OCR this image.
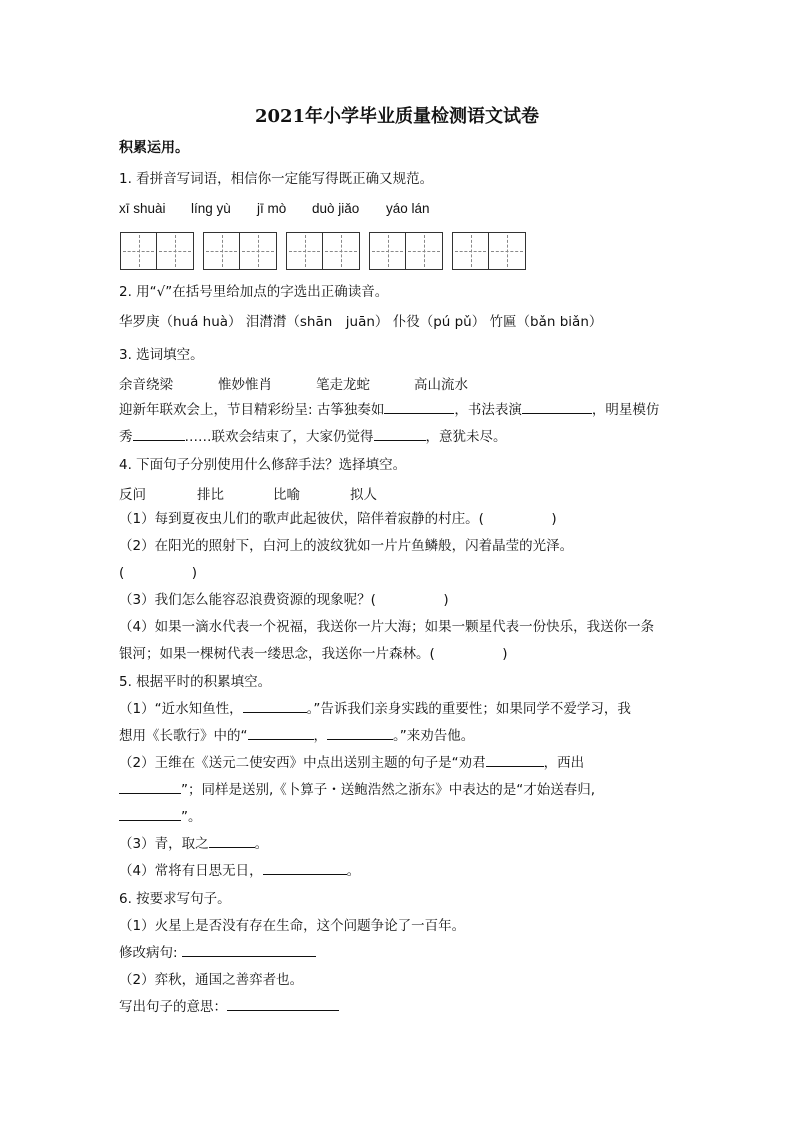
2021年小学毕业质量检测语文试卷
积累运用。
1. 看拼音写词语，相信你一定能写得既正确又规范。
xī shuài líng yù jī mò duò jiǎo yáo lán
2. 用“√”在括号里给加点的字选出正确读音。
华罗庚（huá huà） 泪潸潸（shān　juān） 仆役（pú pǔ） 竹匾（bǎn biǎn）
3. 选词填空。
余音绕梁	惟妙惟肖	笔走龙蛇	高山流水
迎新年联欢会上，节目精彩纷呈: 古筝独奏如	，书法表演	，明星模仿
秀	……联欢会结束了，大家仍觉得	，意犹未尽。
4. 下面句子分别使用什么修辞手法？选择填空。
反问	排比	比喻	拟人
（1）每到夏夜虫儿们的歌声此起彼伏，陪伴着寂静的村庄。(　　　　　)
（2）在阳光的照射下，白河上的波纹犹如一片片鱼鳞般，闪着晶莹的光泽。
(　　　　　)
（3）我们怎么能容忍浪费资源的现象呢？(　　　　　)
（4）如果一滴水代表一个祝福，我送你一片大海；如果一颗星代表一份快乐，我送你一条
银河；如果一棵树代表一缕思念，我送你一片森林。(　　　　　)
5. 根据平时的积累填空。
（1）“近水知鱼性，	。”告诉我们亲身实践的重要性；如果同学不爱学习，我
想用《长歌行》中的“	，	。”来劝告他。
（2）王维在《送元二使安西》中点出送别主题的句子是“劝君	，西出
”；同样是送别,《卜算子・送鲍浩然之浙东》中表达的是“才始送春归,
”。
（3）青，取之	。
（4）常将有日思无日，	。
6. 按要求写句子。
（1）火星上是否没有存在生命，这个问题争论了一百年。
修改病句:
（2）弈秋，通国之善弈者也。
写出句子的意思：
